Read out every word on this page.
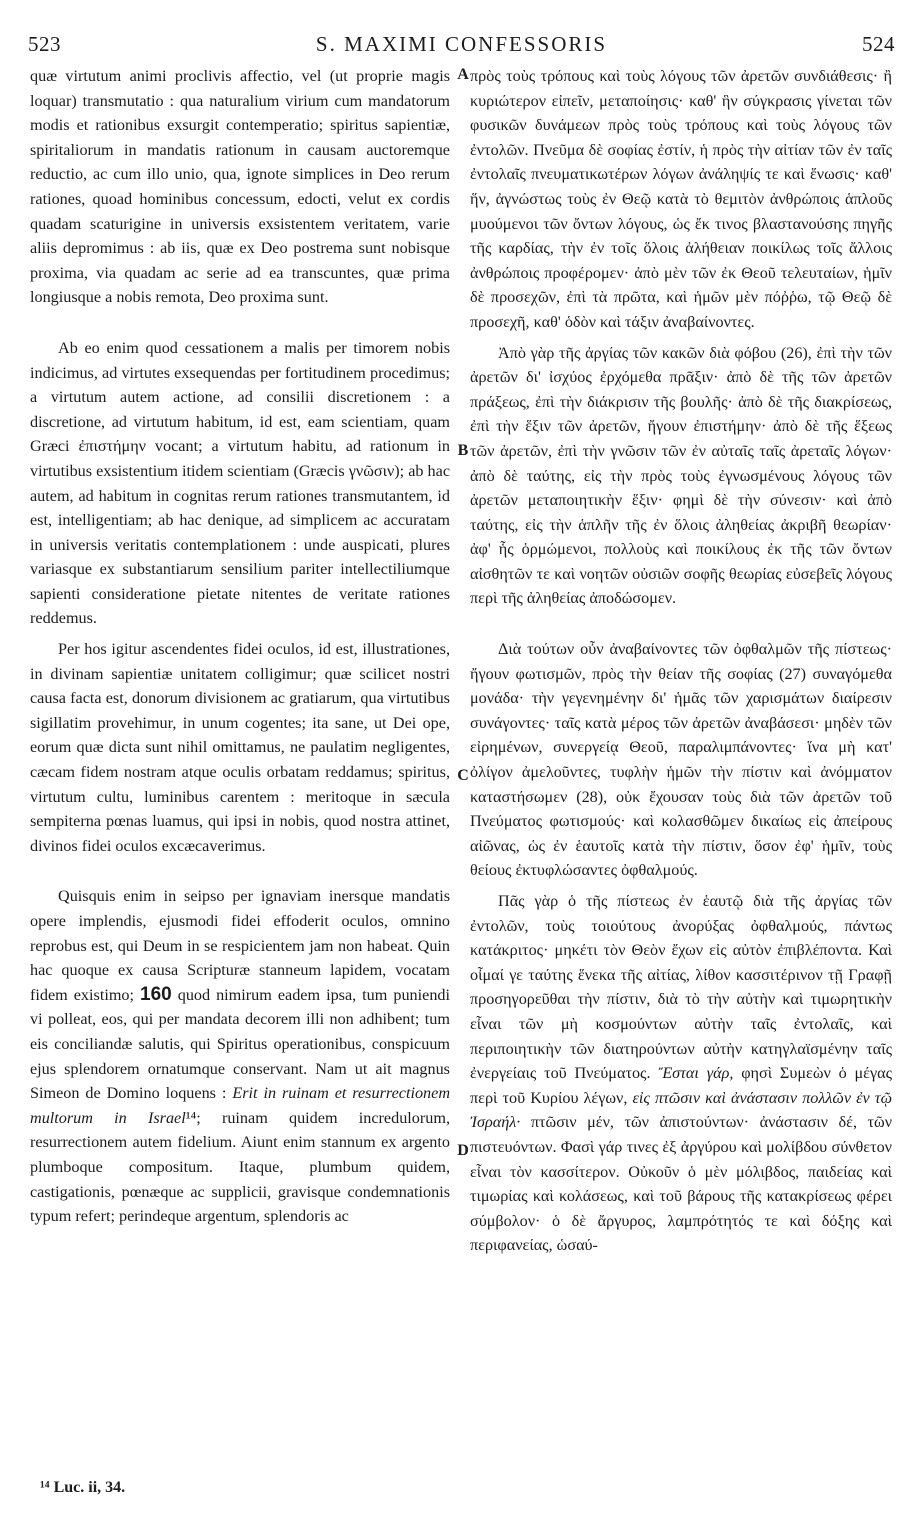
523	S. MAXIMI CONFESSORIS	524

quæ virtutum animi proclivis affectio, vel (ut proprie magis loquar) transmutatio : qua naturalium virium cum mandatorum modis et rationibus exsurgit contemperatio; spiritus sapientiæ, spiritaliorum in mandatis rationum in causam auctoremque reductio, ac cum illo unio, qua, ignote simplices in Deo rerum rationes, quoad hominibus concessum, edocti, velut ex cordis quadam scaturigine in universis exsistentem veritatem, varie aliis depromimus : ab iis, quæ ex Deo postrema sunt nobisque proxima, via quadam ac serie ad ea transcuntes, quæ prima longiusque a nobis remota, Deo proxima sunt.

Ab eo enim quod cessationem a malis per timorem nobis indicimus, ad virtutes exsequendas per fortitudinem procedimus; a virtutum autem actione, ad consilii discretionem : a discretione, ad virtutum habitum, id est, eam scientiam, quam Græci ἐπιστήμην vocant; a virtutum habitu, ad rationum in virtutibus exsistentium itidem scientiam (Græcis γνῶσιν); ab hac autem, ad habitum in cognitas rerum rationes transmutantem, id est, intelligentiam; ab hac denique, ad simplicem ac accuratam in universis veritatis contemplationem : unde auspicati, plures variasque ex substantiarum sensilium pariter intellectiliumque sapienti consideratione pietate nitentes de veritate rationes reddemus.

Per hos igitur ascendentes fidei oculos, id est, illustrationes, in divinam sapientiæ unitatem colligimur; quæ scilicet nostri causa facta est, donorum divisionem ac gratiarum, qua virtutibus sigillatim provehimur, in unum cogentes; ita sane, ut Dei ope, eorum quæ dicta sunt nihil omittamus, ne paulatim negligentes, cæcam fidem nostram atque oculis orbatam reddamus; spiritus, virtutum cultu, luminibus carentem : meritoque in sæcula sempiterna pœnas luamus, qui ipsi in nobis, quod nostra attinet, divinos fidei oculos excæcaverimus.

Quisquis enim in seipso per ignaviam inersque mandatis opere implendis, ejusmodi fidei effoderit oculos, omnino reprobus est, qui Deum in se respicientem jam non habeat. Quin hac quoque ex causa Scripturæ stanneum lapidem, vocatam fidem existimo; 160 quod nimirum eadem ipsa, tum puniendi vi polleat, eos, qui per mandata decorem illi non adhibent; tum eis conciliandæ salutis, qui Spiritus operationibus, conspicuum ejus splendorem ornatumque conservant. Nam ut ait magnus Simeon de Domino loquens : Erit in ruinam et resurrectionem multorum in Israel¹⁴; ruinam quidem incredulorum, resurrectionem autem fidelium. Aiunt enim stannum ex argento plumboque compositum. Itaque, plumbum quidem, castigationis, pœnæque ac supplicii, gravisque condemnationis typum refert; perindeque argentum, splendoris ac

A
B
C
D

πρὸς τοὺς τρόπους καὶ τοὺς λόγους τῶν ἀρετῶν συνδιάθεσις· ἢ κυριώτερον εἰπεῖν, μεταποίησις· καθ' ἣν σύγκρασις γίνεται τῶν φυσικῶν δυνάμεων πρὸς τοὺς τρόπους καὶ τοὺς λόγους τῶν ἐντολῶν. Πνεῦμα δὲ σοφίας ἐστίν, ἡ πρὸς τὴν αἰτίαν τῶν ἐν ταῖς ἐντολαῖς πνευματικωτέρων λόγων ἀνάληψίς τε καὶ ἕνωσις· καθ' ἥν, ἀγνώστως τοὺς ἐν Θεῷ κατὰ τὸ θεμιτὸν ἀνθρώποις ἁπλοῦς μυούμενοι τῶν ὄντων λόγους, ὡς ἔκ τινος βλαστανούσης πηγῆς τῆς καρδίας, τὴν ἐν τοῖς ὅλοις ἀλήθειαν ποικίλως τοῖς ἄλλοις ἀνθρώποις προφέρομεν· ἀπὸ μὲν τῶν ἐκ Θεοῦ τελευταίων, ἡμῖν δὲ προσεχῶν, ἐπὶ τὰ πρῶτα, καὶ ἡμῶν μὲν πόῤῥω, τῷ Θεῷ δὲ προσεχῆ, καθ' ὁδὸν καὶ τάξιν ἀναβαίνοντες.

Ἀπὸ γὰρ τῆς ἀργίας τῶν κακῶν διὰ φόβου (26), ἐπὶ τὴν τῶν ἀρετῶν δι' ἰσχύος ἐρχόμεθα πρᾶξιν· ἀπὸ δὲ τῆς τῶν ἀρετῶν πράξεως, ἐπὶ τὴν διάκρισιν τῆς βουλῆς· ἀπὸ δὲ τῆς διακρίσεως, ἐπὶ τὴν ἕξιν τῶν ἀρετῶν, ἤγουν ἐπιστήμην· ἀπὸ δὲ τῆς ἕξεως τῶν ἀρετῶν, ἐπὶ τὴν γνῶσιν τῶν ἐν αὐταῖς ταῖς ἀρεταῖς λόγων· ἀπὸ δὲ ταύτης, εἰς τὴν πρὸς τοὺς ἐγνωσμένους λόγους τῶν ἀρετῶν μεταποιητικὴν ἕξιν· φημὶ δὲ τὴν σύνεσιν· καὶ ἀπὸ ταύτης, εἰς τὴν ἁπλῆν τῆς ἐν ὅλοις ἀληθείας ἀκριβῆ θεωρίαν· ἀφ' ἧς ὁρμώμενοι, πολλοὺς καὶ ποικίλους ἐκ τῆς τῶν ὄντων αἰσθητῶν τε καὶ νοητῶν οὐσιῶν σοφῆς θεωρίας εὐσεβεῖς λόγους περὶ τῆς ἀληθείας ἀποδώσομεν.

Διὰ τούτων οὖν ἀναβαίνοντες τῶν ὀφθαλμῶν τῆς πίστεως· ἤγουν φωτισμῶν, πρὸς τὴν θείαν τῆς σοφίας (27) συναγόμεθα μονάδα· τὴν γεγενημένην δι' ἡμᾶς τῶν χαρισμάτων διαίρεσιν συνάγοντες· ταῖς κατὰ μέρος τῶν ἀρετῶν ἀναβάσεσι· μηδὲν τῶν εἰρημένων, συνεργείᾳ Θεοῦ, παραλιμπάνοντες· ἵνα μὴ κατ' ὀλίγον ἀμελοῦντες, τυφλὴν ἡμῶν τὴν πίστιν καὶ ἀνόμματον καταστήσωμεν (28), οὐκ ἔχουσαν τοὺς διὰ τῶν ἀρετῶν τοῦ Πνεύματος φωτισμούς· καὶ κολασθῶμεν δικαίως εἰς ἀπείρους αἰῶνας, ὡς ἐν ἑαυτοῖς κατὰ τὴν πίστιν, ὅσον ἐφ' ἡμῖν, τοὺς θείους ἐκτυφλώσαντες ὀφθαλμούς.

Πᾶς γὰρ ὁ τῆς πίστεως ἐν ἑαυτῷ διὰ τῆς ἀργίας τῶν ἐντολῶν, τοὺς τοιούτους ἀνορύξας ὀφθαλμούς, πάντως κατάκριτος· μηκέτι τὸν Θεὸν ἔχων εἰς αὐτὸν ἐπιβλέποντα. Καὶ οἶμαί γε ταύτης ἕνεκα τῆς αἰτίας, λίθον κασσιτέρινον τῇ Γραφῇ προσηγορεῦθαι τὴν πίστιν, διὰ τὸ τὴν αὐτὴν καὶ τιμωρητικὴν εἶναι τῶν μὴ κοσμούντων αὐτὴν ταῖς ἐντολαῖς, καὶ περιποιητικὴν τῶν διατηρούντων αὐτὴν κατηγλαϊσμένην ταῖς ἐνεργείαις τοῦ Πνεύματος. Ἔσται γάρ, φησὶ Συμεὼν ὁ μέγας περὶ τοῦ Κυρίου λέγων, εἰς πτῶσιν καὶ ἀνάστασιν πολλῶν ἐν τῷ Ἰσραήλ· πτῶσιν μέν, τῶν ἀπιστούντων· ἀνάστασιν δέ, τῶν πιστευόντων. Φασὶ γάρ τινες ἐξ ἀργύρου καὶ μολίβδου σύνθετον εἶναι τὸν κασσίτερον. Οὐκοῦν ὁ μὲν μόλιβδος, παιδείας καὶ τιμωρίας καὶ κολάσεως, καὶ τοῦ βάρους τῆς κατακρίσεως φέρει σύμβολον· ὁ δὲ ἄργυρος, λαμπρότητός τε καὶ δόξης καὶ περιφανείας, ὡσαύ-

¹⁴ Luc. ii, 34.
